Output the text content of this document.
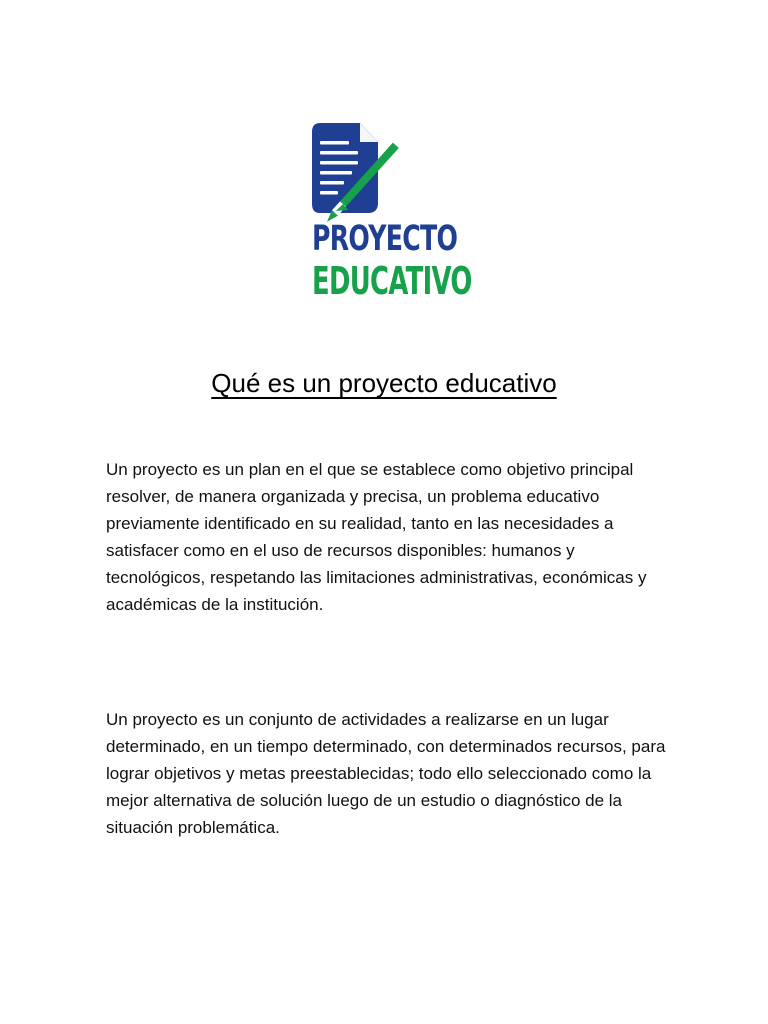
PROYECTO
EDUCATIVO
Qué es un proyecto educativo

Un proyecto es un plan en el que se establece como objetivo principal resolver, de manera organizada y precisa, un problema educativo previamente identificado en su realidad, tanto en las necesidades a satisfacer como en el uso de recursos disponibles: humanos y tecnológicos, respetando las limitaciones administrativas, económicas y académicas de la institución.

Un proyecto es un conjunto de actividades a realizarse en un lugar determinado, en un tiempo determinado, con determinados recursos, para lograr objetivos y metas preestablecidas; todo ello seleccionado como la mejor alternativa de solución luego de un estudio o diagnóstico de la situación problemática.
